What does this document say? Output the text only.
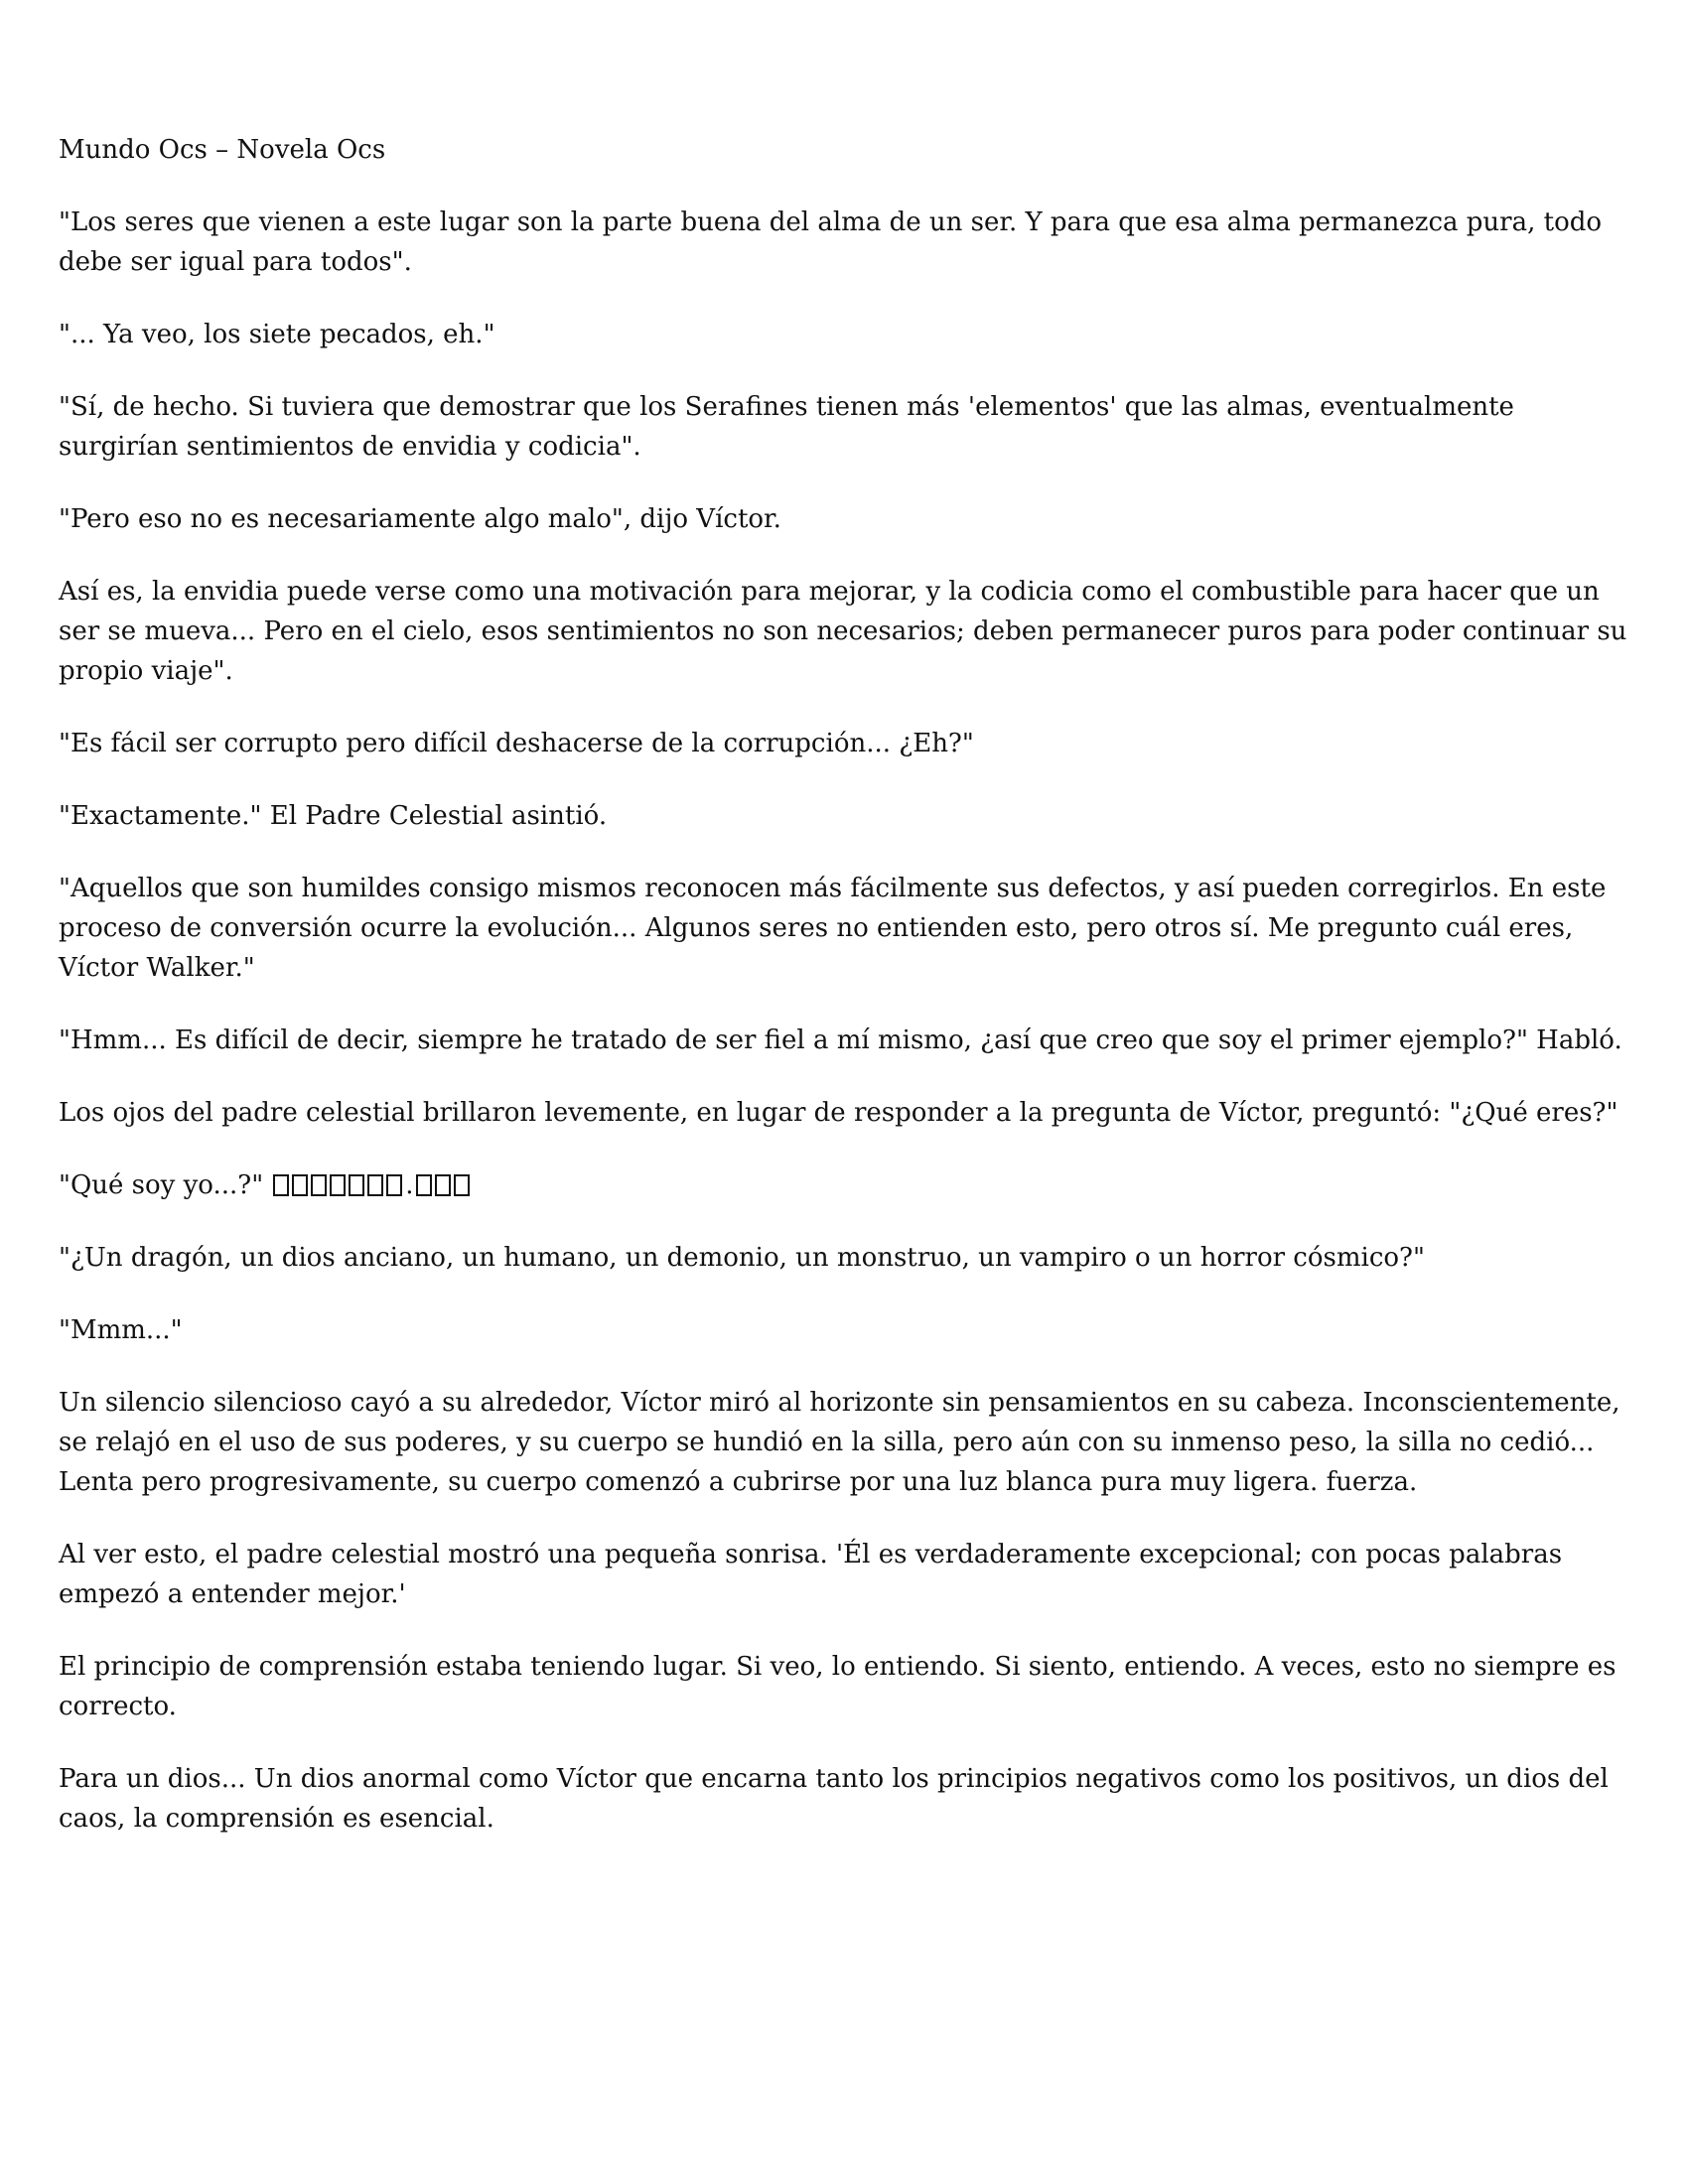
Mundo Ocs – Novela Ocs

"Los seres que vienen a este lugar son la parte buena del alma de un ser. Y para que esa alma permanezca pura, todo debe ser igual para todos".

"... Ya veo, los siete pecados, eh."

"Sí, de hecho. Si tuviera que demostrar que los Serafines tienen más 'elementos' que las almas, eventualmente surgirían sentimientos de envidia y codicia".

"Pero eso no es necesariamente algo malo", dijo Víctor.

Así es, la envidia puede verse como una motivación para mejorar, y la codicia como el combustible para hacer que un ser se mueva... Pero en el cielo, esos sentimientos no son necesarios; deben permanecer puros para poder continuar su propio viaje".

"Es fácil ser corrupto pero difícil deshacerse de la corrupción... ¿Eh?"

"Exactamente." El Padre Celestial asintió.

"Aquellos que son humildes consigo mismos reconocen más fácilmente sus defectos, y así pueden corregirlos. En este proceso de conversión ocurre la evolución... Algunos seres no entienden esto, pero otros sí. Me pregunto cuál eres, Víctor Walker."

"Hmm... Es difícil de decir, siempre he tratado de ser fiel a mí mismo, ¿así que creo que soy el primer ejemplo?" Habló.

Los ojos del padre celestial brillaron levemente, en lugar de responder a la pregunta de Víctor, preguntó: "¿Qué eres?"

"Qué soy yo...?"	.

"¿Un dragón, un dios anciano, un humano, un demonio, un monstruo, un vampiro o un horror cósmico?"

"Mmm..."

Un silencio silencioso cayó a su alrededor, Víctor miró al horizonte sin pensamientos en su cabeza. Inconscientemente, se relajó en el uso de sus poderes, y su cuerpo se hundió en la silla, pero aún con su inmenso peso, la silla no cedió... Lenta pero progresivamente, su cuerpo comenzó a cubrirse por una luz blanca pura muy ligera. fuerza.

Al ver esto, el padre celestial mostró una pequeña sonrisa. 'Él es verdaderamente excepcional; con pocas palabras empezó a entender mejor.'

El principio de comprensión estaba teniendo lugar. Si veo, lo entiendo. Si siento, entiendo. A veces, esto no siempre es correcto.

Para un dios... Un dios anormal como Víctor que encarna tanto los principios negativos como los positivos, un dios del caos, la comprensión es esencial.
